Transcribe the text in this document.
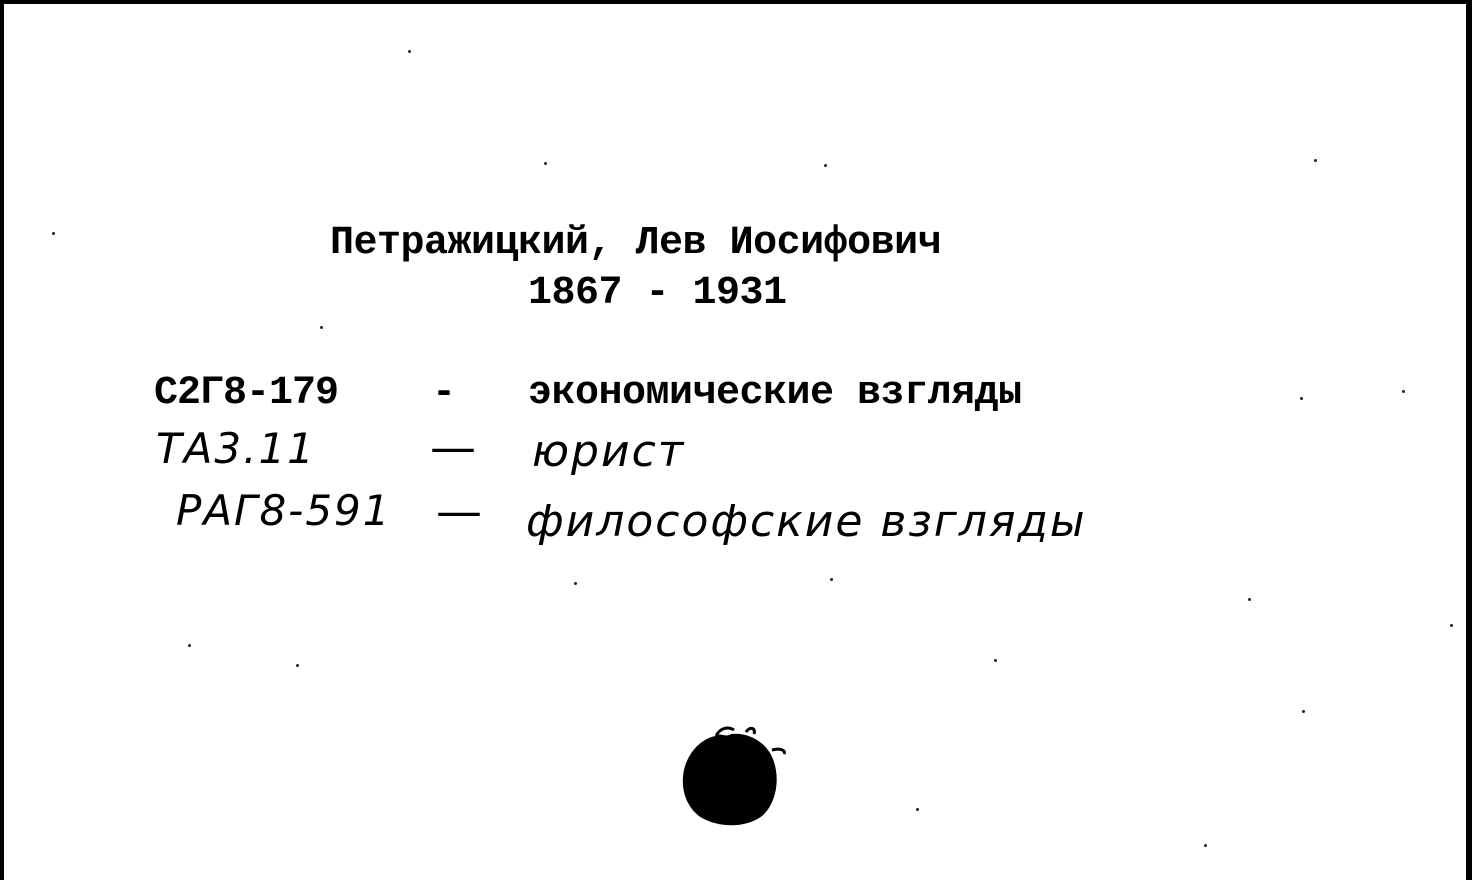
Петражицкий, Лев Иосифович
1867 - 1931
С2Г8-179 - экономические взгляды
ТА3.11 — юрист
РАГ8-591 — философские взгляды
